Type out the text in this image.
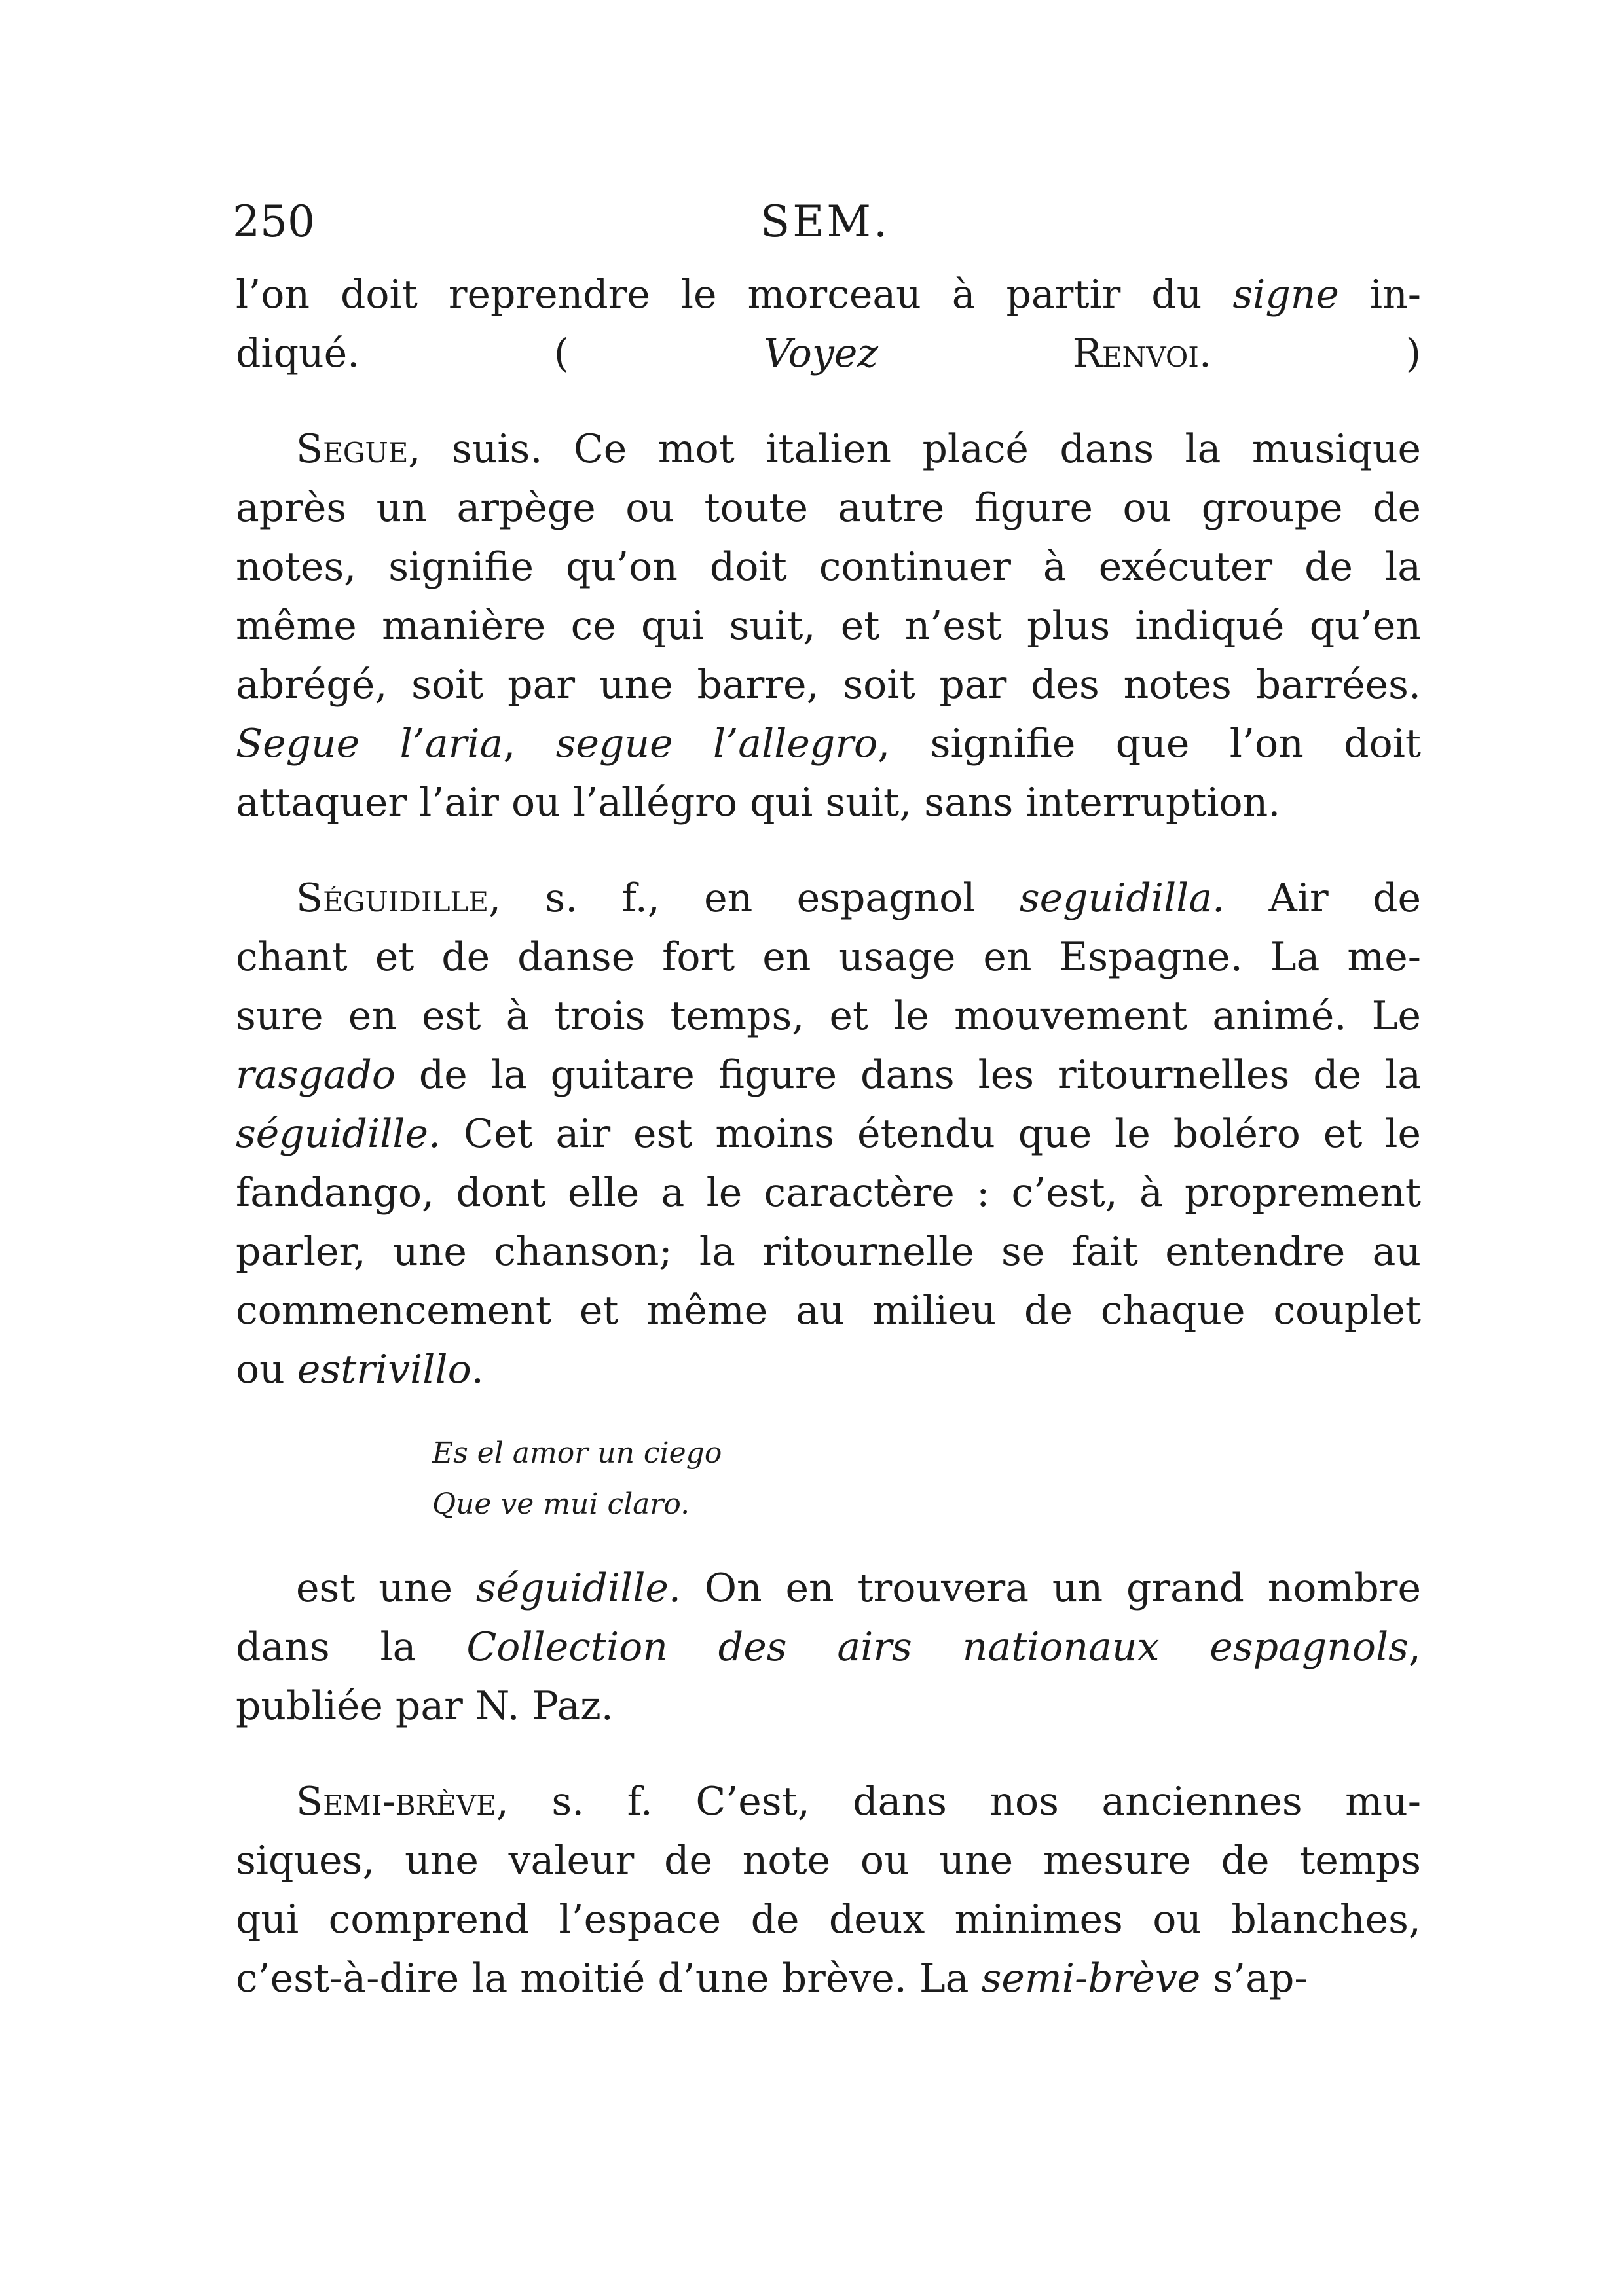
250	SEM.
l’on doit reprendre le morceau à partir du signe in-
diqué. ( Voyez	Renvoi. )
Segue, suis. Ce mot italien placé dans la musique
après un arpège ou toute autre figure ou groupe de
notes, signifie qu’on doit continuer à exécuter de la
même manière ce qui suit, et n’est plus indiqué qu’en
abrégé, soit par une barre, soit par des notes barrées.
Segue l’aria, segue l’allegro, signifie que l’on doit
attaquer l’air ou l’allégro qui suit, sans interruption.
Séguidille, s. f., en espagnol seguidilla. Air de
chant et de danse fort en usage en Espagne. La me-
sure en est à trois temps, et le mouvement animé. Le
rasgado de la guitare figure dans les ritournelles de la
séguidille. Cet air est moins étendu que le boléro et le
fandango, dont elle a le caractère : c’est, à proprement
parler, une chanson; la ritournelle se fait entendre au
commencement et même au milieu de chaque couplet
ou estrivillo.
Es el amor un ciego
Que ve mui claro.
est une séguidille. On en trouvera un grand nombre
dans la Collection des airs nationaux espagnols,
publiée par N. Paz.
Semi-brève, s. f. C’est, dans nos anciennes mu-
siques, une valeur de note ou une mesure de temps
qui comprend l’espace de deux minimes ou blanches,
c’est-à-dire la moitié d’une brève. La semi-brève s’ap-
